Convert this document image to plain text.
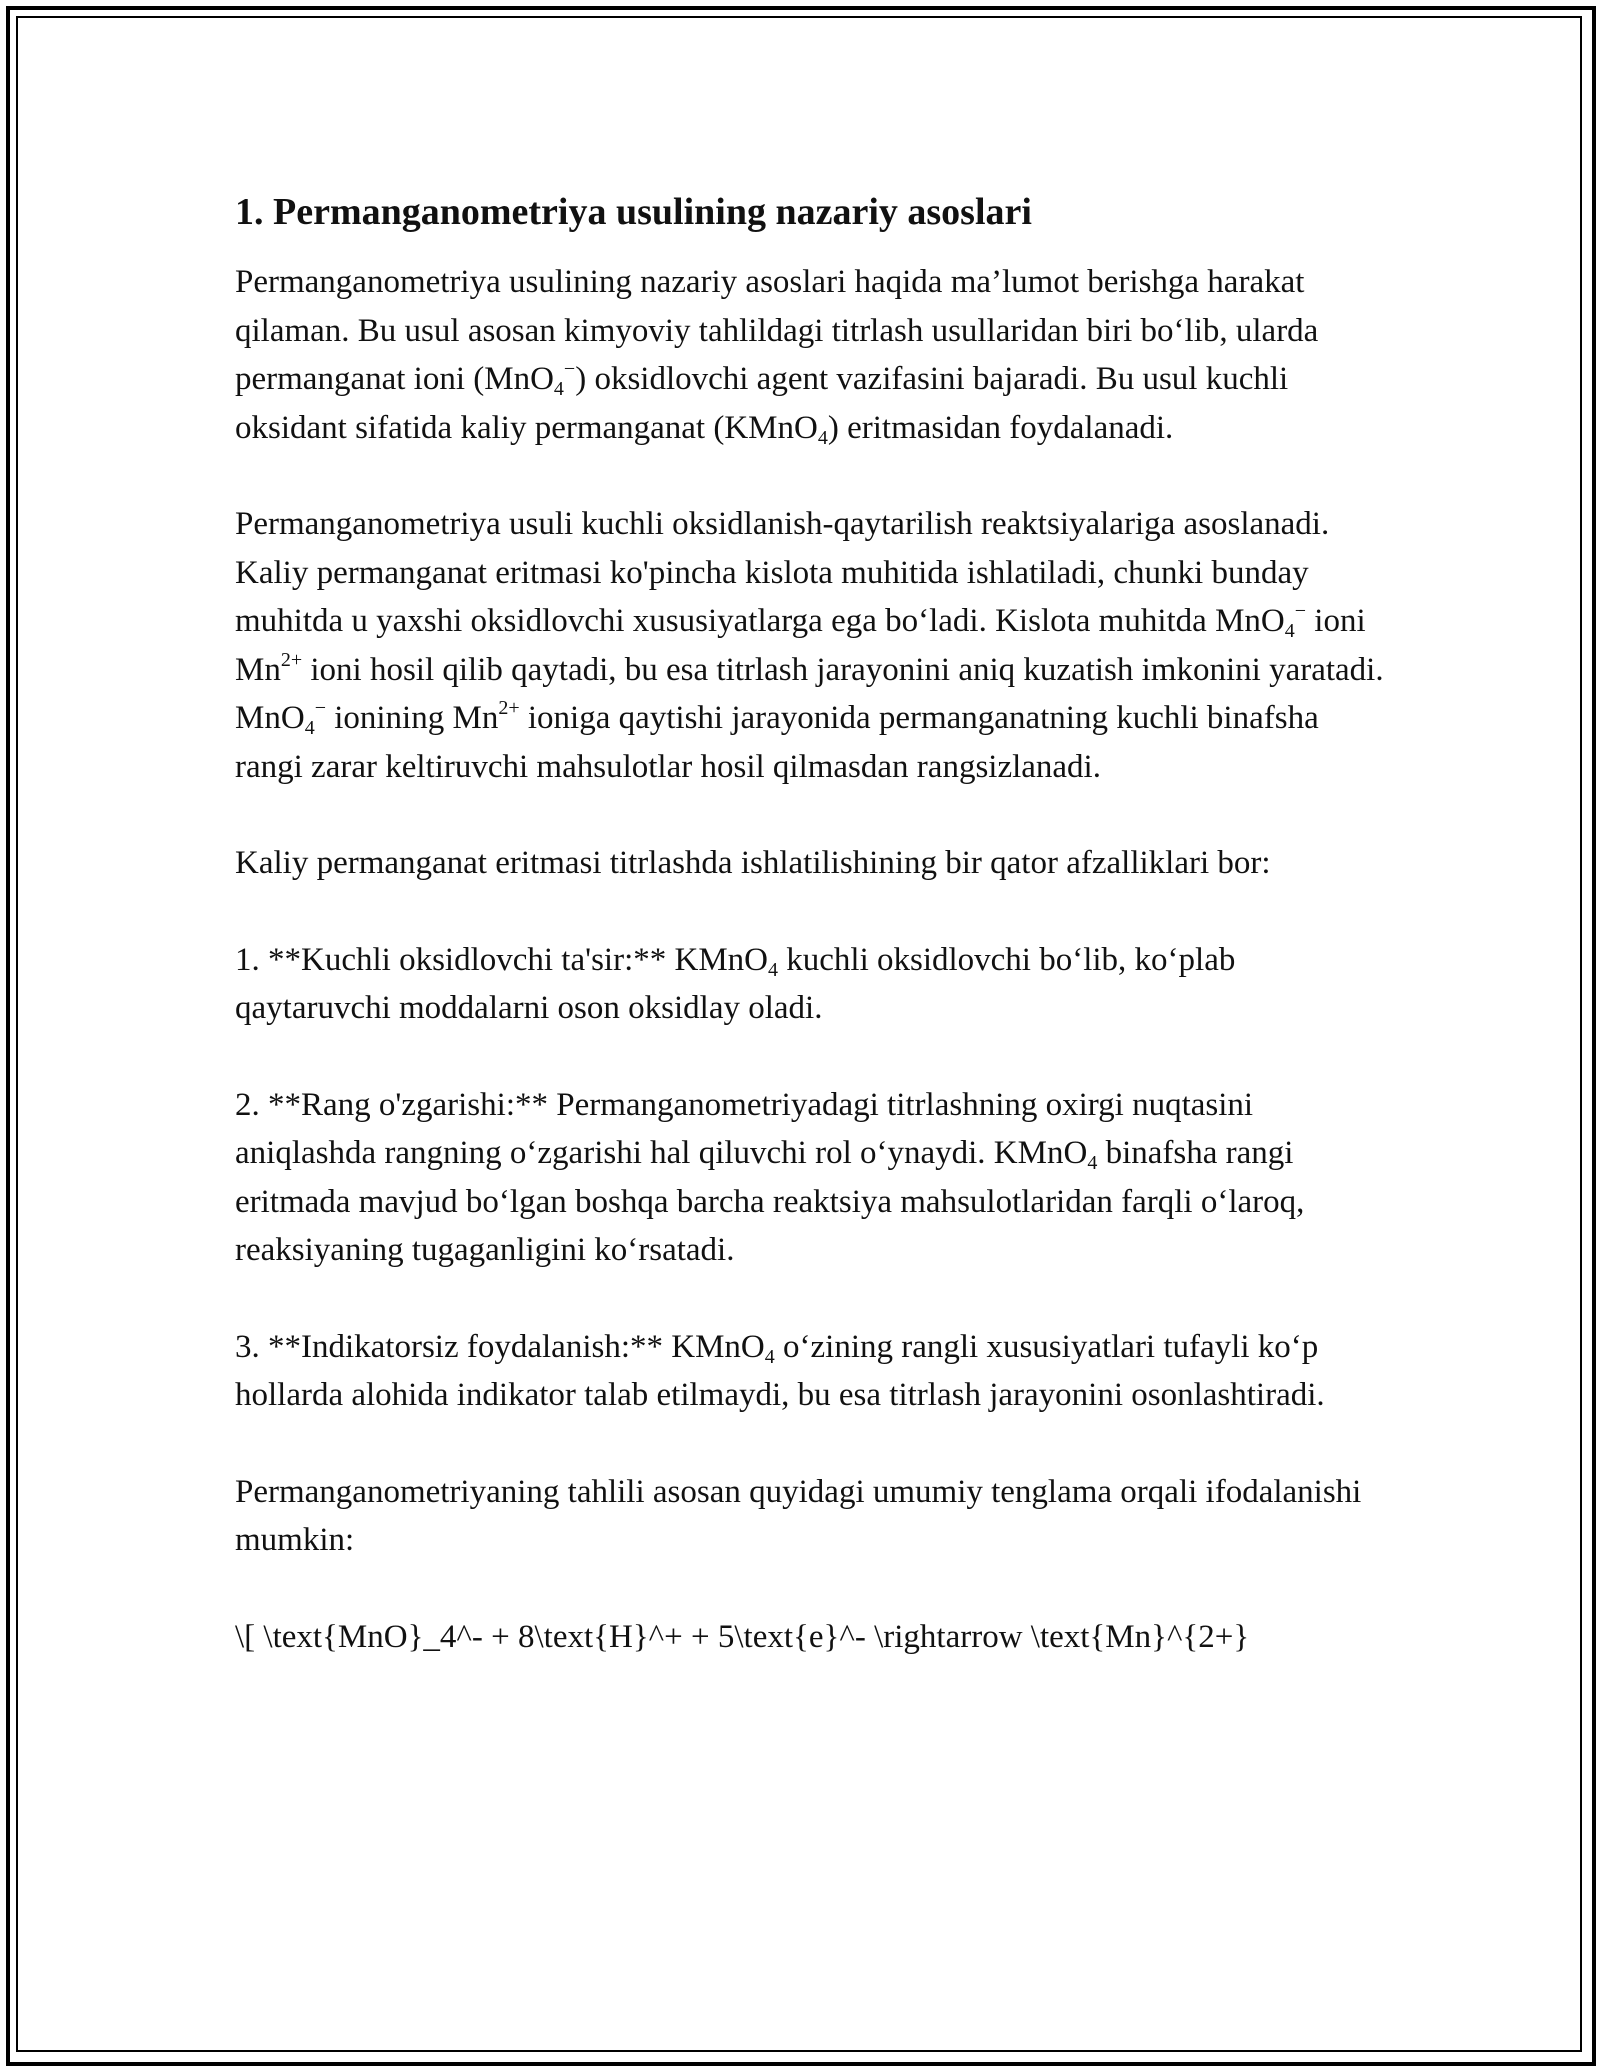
1. Permanganometriya usulining nazariy asoslari

Permanganometriya usulining nazariy asoslari haqida ma’lumot berishga harakat qilaman. Bu usul asosan kimyoviy tahlildagi titrlash usullaridan biri bo‘lib, ularda permanganat ioni (MnO$_4$−) oksidlovchi agent vazifasini bajaradi. Bu usul kuchli oksidant sifatida kaliy permanganat (KMnO$_4$) eritmasidan foydalanadi.

Permanganometriya usuli kuchli oksidlanish-qaytarilish reaktsiyalariga asoslanadi. Kaliy permanganat eritmasi ko'pincha kislota muhitida ishlatiladi, chunki bunday muhitda u yaxshi oksidlovchi xususiyatlarga ega bo‘ladi. Kislota muhitda MnO$_4$− ioni $Mn^{2+}$ ioni hosil qilib qaytadi, bu esa titrlash jarayonini aniq kuzatish imkonini yaratadi. MnO$_4$− ionining $Mn^{2+}$ ioniga qaytishi jarayonida permanganatning kuchli binafsha rangi zarar keltiruvchi mahsulotlar hosil qilmasdan rangsizlanadi.

Kaliy permanganat eritmasi titrlashda ishlatilishining bir qator afzalliklari bor:

1. **Kuchli oksidlovchi ta'sir:** KMnO$_4$ kuchli oksidlovchi bo‘lib, ko‘plab qaytaruvchi moddalarni oson oksidlay oladi.

2. **Rang o'zgarishi:** Permanganometriyadagi titrlashning oxirgi nuqtasini aniqlashda rangning o‘zgarishi hal qiluvchi rol o‘ynaydi. KMnO$_4$ binafsha rangi eritmada mavjud bo‘lgan boshqa barcha reaktsiya mahsulotlaridan farqli o‘laroq, reaksiyaning tugaganligini ko‘rsatadi.

3. **Indikatorsiz foydalanish:** KMnO$_4$ o‘zining rangli xususiyatlari tufayli ko‘p hollarda alohida indikator talab etilmaydi, bu esa titrlash jarayonini osonlashtiradi.

Permanganometriyaning tahlili asosan quyidagi umumiy tenglama orqali ifodalanishi mumkin:

\[ \text{MnO}_4^- + 8\text{H}^+ + 5\text{e}^- \rightarrow \text{Mn}^{2+}
